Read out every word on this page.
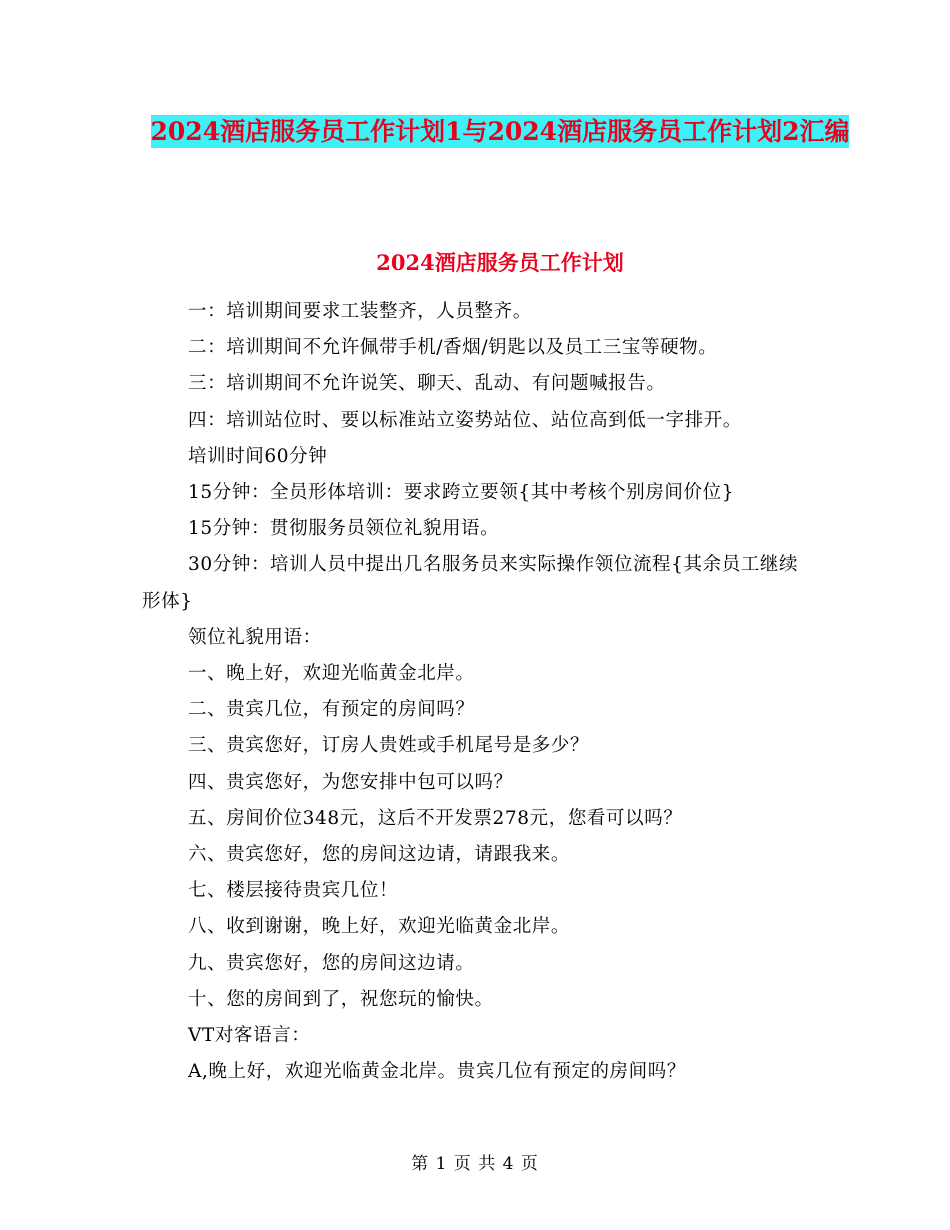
2024酒店服务员工作计划1与2024酒店服务员工作计划2汇编
2024酒店服务员工作计划

一：培训期间要求工装整齐，人员整齐。

二：培训期间不允许佩带手机/香烟/钥匙以及员工三宝等硬物。

三：培训期间不允许说笑、聊天、乱动、有问题喊报告。

四：培训站位时、要以标准站立姿势站位、站位高到低一字排开。

培训时间60分钟

15分钟：全员形体培训：要求跨立要领{其中考核个别房间价位}

15分钟：贯彻服务员领位礼貌用语。

30分钟：培训人员中提出几名服务员来实际操作领位流程{其余员工继续形体}

领位礼貌用语：

一、晚上好，欢迎光临黄金北岸。

二、贵宾几位，有预定的房间吗？

三、贵宾您好，订房人贵姓或手机尾号是多少？

四、贵宾您好，为您安排中包可以吗？

五、房间价位348元，这后不开发票278元，您看可以吗？

六、贵宾您好，您的房间这边请，请跟我来。

七、楼层接待贵宾几位！

八、收到谢谢，晚上好，欢迎光临黄金北岸。

九、贵宾您好，您的房间这边请。

十、您的房间到了，祝您玩的愉快。

VT对客语言：

A,晚上好，欢迎光临黄金北岸。贵宾几位有预定的房间吗？

第 1 页 共 4 页
